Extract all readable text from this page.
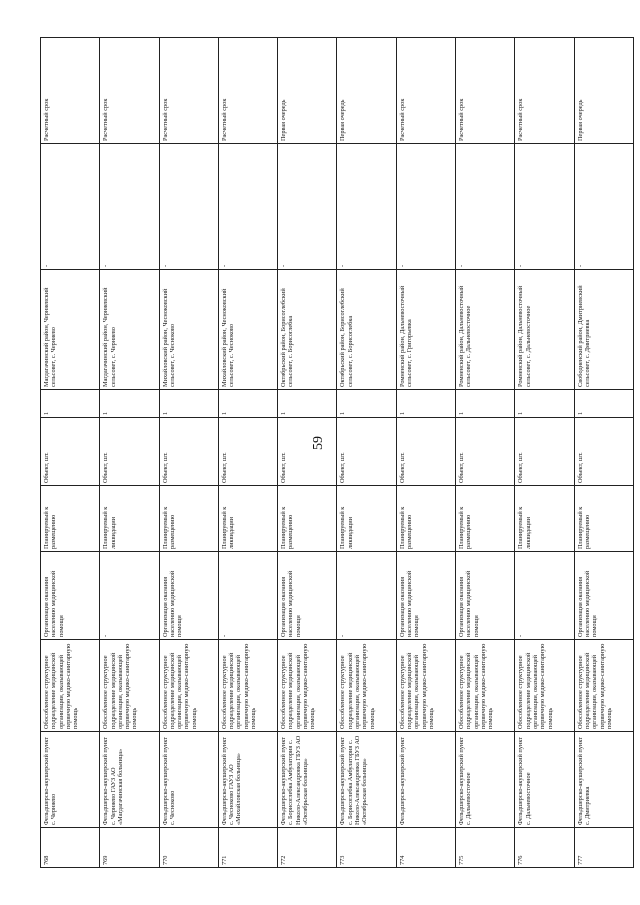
59
768	Фельдшерско-акушерский пункт с. Черняево	Обособленное структурное подразделение медицинской организации, оказывающей первичную медико-санитарную помощь	Организация оказания населению медицинской помощи	Планируемый к размещению	Объект, шт.	1	Магдагачинский район, Черняевский сельсовет, с. Черняево	-	Расчетный срок
769	Фельдшерско-акушерский пункт с. Черняево ГАУЗ АО «Магдагачинская больница»	Обособленное структурное подразделение медицинской организации, оказывающей первичную медико-санитарную помощь	-	Планируемый к ликвидации	Объект, шт.	1	Магдагачинский район, Черняевский сельсовет, с. Черняево	-	Расчетный срок
770	Фельдшерско-акушерский пункт с. Чесноково	Обособленное структурное подразделение медицинской организации, оказывающей первичную медико-санитарную помощь	Организация оказания населению медицинской помощи	Планируемый к размещению	Объект, шт.	1	Михайловский район, Чесноковский сельсовет, с. Чесноково	-	Расчетный срок
771	Фельдшерско-акушерский пункт с. Чесноково ГАУЗ АО «Михайловская больница»	Обособленное структурное подразделение медицинской организации, оказывающей первичную медико-санитарную помощь	-	Планируемый к ликвидации	Объект, шт.	1	Михайловский район, Чесноковский сельсовет, с. Чесноково	-	Расчетный срок
772	Фельдшерско-акушерский пункт с. Борисоглебка Амбулатория с. Николо-Александровка ГБУЗ АО «Октябрьская больница»	Обособленное структурное подразделение медицинской организации, оказывающей первичную медико-санитарную помощь	Организация оказания населению медицинской помощи	Планируемый к размещению	Объект, шт.	1	Октябрьский район, Борисоглебский сельсовет, с. Борисоглебка	-	Первая очередь
773	Фельдшерско-акушерский пункт с. Борисоглебка Амбулатория с. Николо-Александровка ГБУЗ АО «Октябрьская больница»	Обособленное структурное подразделение медицинской организации, оказывающей первичную медико-санитарную помощь	-	Планируемый к ликвидации	Объект, шт.	1	Октябрьский район, Борисоглебский сельсовет, с. Борисоглебка	-	Первая очередь
774	Фельдшерско-акушерский пункт	Обособленное структурное подразделение медицинской организации, оказывающей первичную медико-санитарную помощь	Организация оказания населению медицинской помощи	Планируемый к размещению	Объект, шт.	1	Ромненский район, Дальневосточный сельсовет, с. Григорьевка	-	Расчетный срок
775	Фельдшерско-акушерский пункт с. Дальневосточное	Обособленное структурное подразделение медицинской организации, оказывающей первичную медико-санитарную помощь	Организация оказания населению медицинской помощи	Планируемый к размещению	Объект, шт.	1	Ромненский район, Дальневосточный сельсовет, с. Дальневосточное	-	Расчетный срок
776	Фельдшерско-акушерский пункт с. Дальневосточное	Обособленное структурное подразделение медицинской организации, оказывающей первичную медико-санитарную помощь	-	Планируемый к ликвидации	Объект, шт.	1	Ромненский район, Дальневосточный сельсовет, с. Дальневосточное	-	Расчетный срок
777	Фельдшерско-акушерский пункт с. Дмитриевка	Обособленное структурное подразделение медицинской организации, оказывающей первичную медико-санитарную помощь	Организация оказания населению медицинской помощи	Планируемый к размещению	Объект, шт.	1	Свободненский район, Дмитриевский сельсовет, с. Дмитриевка	-	Первая очередь
